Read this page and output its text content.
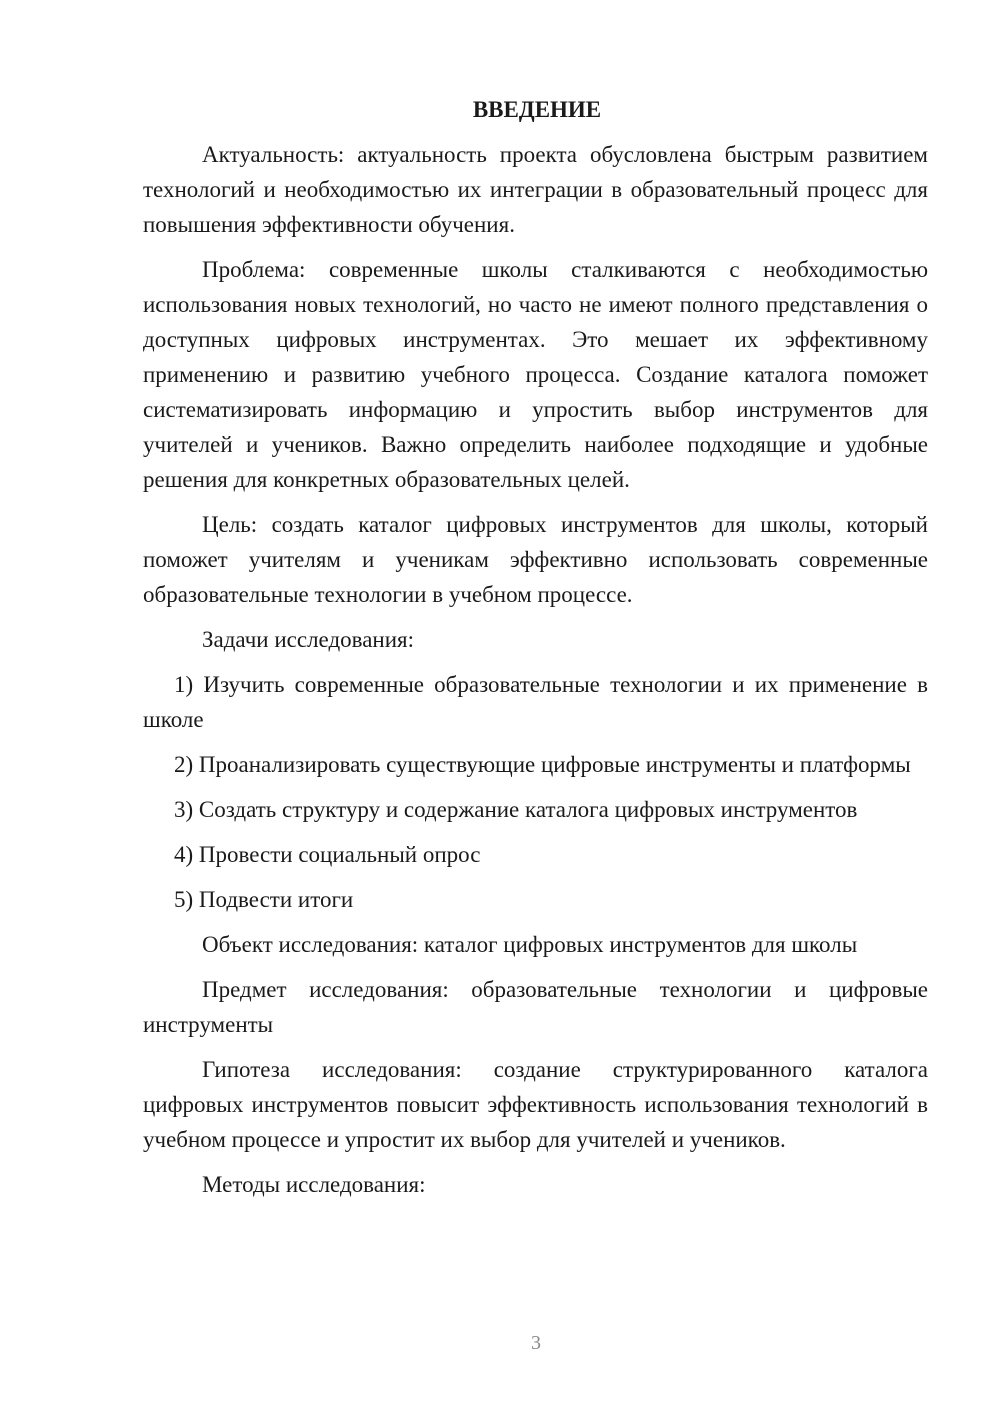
ВВЕДЕНИЕ

Актуальность: актуальность проекта обусловлена быстрым развитием технологий и необходимостью их интеграции в образовательный процесс для повышения эффективности обучения.

Проблема: современные школы сталкиваются с необходимостью использования новых технологий, но часто не имеют полного представления о доступных цифровых инструментах. Это мешает их эффективному применению и развитию учебного процесса. Создание каталога поможет систематизировать информацию и упростить выбор инструментов для учителей и учеников. Важно определить наиболее подходящие и удобные решения для конкретных образовательных целей.

Цель: создать каталог цифровых инструментов для школы, который поможет учителям и ученикам эффективно использовать современные образовательные технологии в учебном процессе.

Задачи исследования:

1) Изучить современные образовательные технологии и их применение в школе

2) Проанализировать существующие цифровые инструменты и платформы

3) Создать структуру и содержание каталога цифровых инструментов

4) Провести социальный опрос

5) Подвести итоги

Объект исследования: каталог цифровых инструментов для школы

Предмет исследования: образовательные технологии и цифровые инструменты

Гипотеза исследования: создание структурированного каталога цифровых инструментов повысит эффективность использования технологий в учебном процессе и упростит их выбор для учителей и учеников.

Методы исследования:

3
